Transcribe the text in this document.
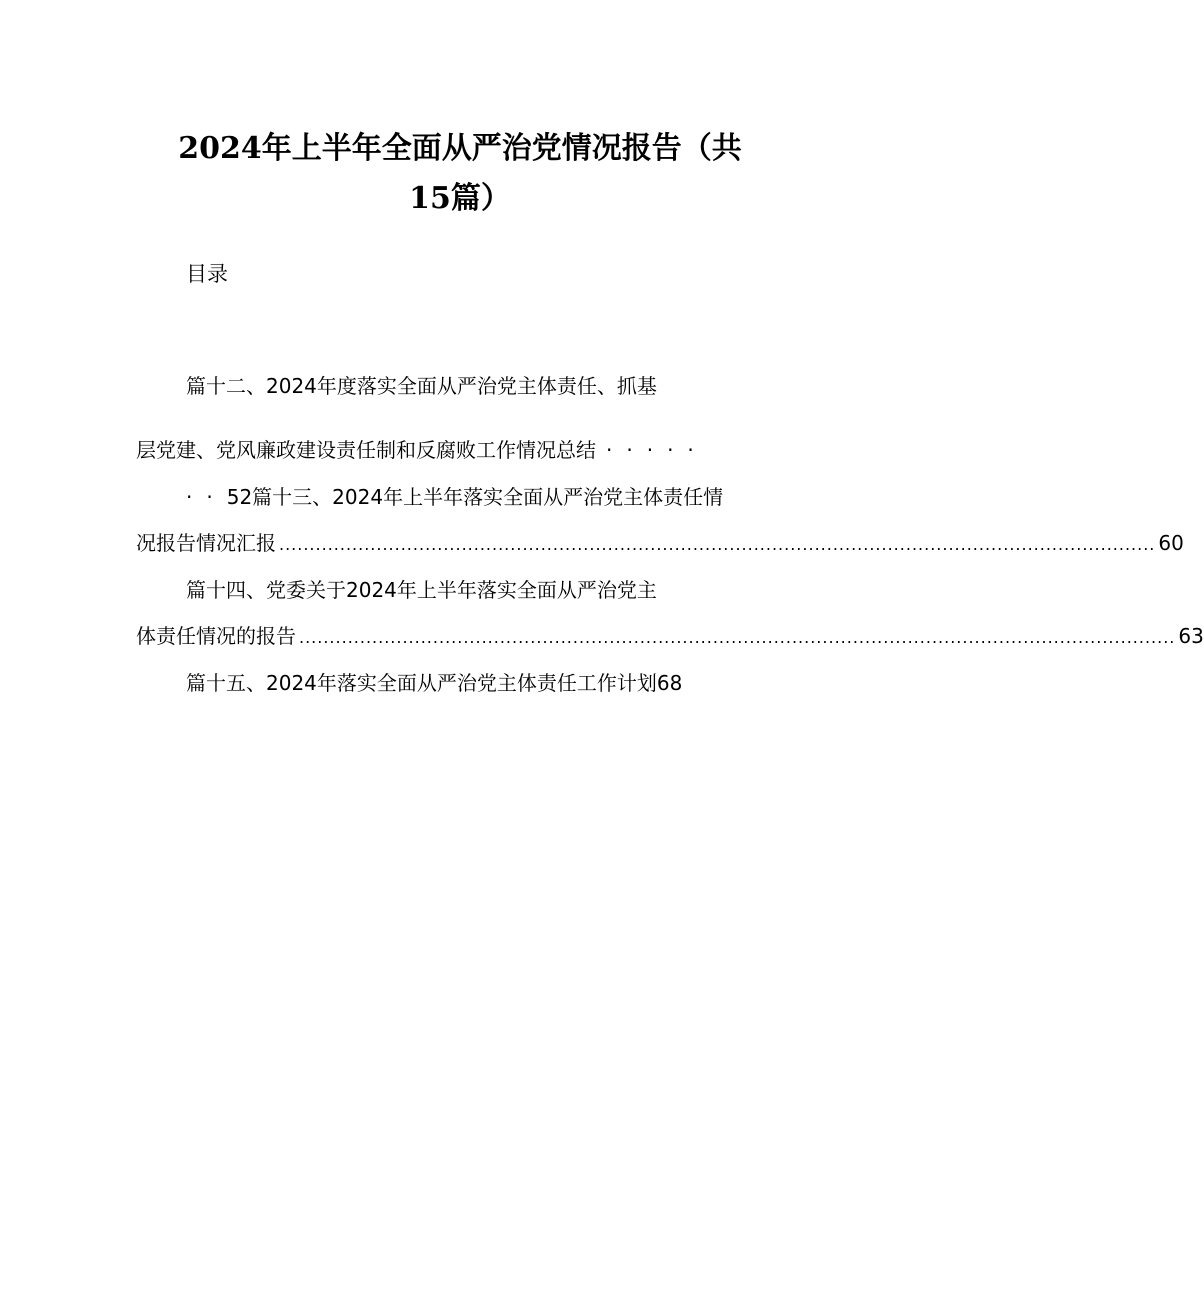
2024年上半年全面从严治党情况报告（共
15篇）
目录
篇十二、2024年度落实全面从严治党主体责任、抓基
层党建、党风廉政建设责任制和反腐败工作情况总结 ·····
··52篇十三、2024年上半年落实全面从严治党主体责任情
况报告情况汇报 ................................................................................................................................................ 60
篇十四、党委关于2024年上半年落实全面从严治党主
体责任情况的报告 ................................................................................................................................................ 63
篇十五、2024年落实全面从严治党主体责任工作计划68
